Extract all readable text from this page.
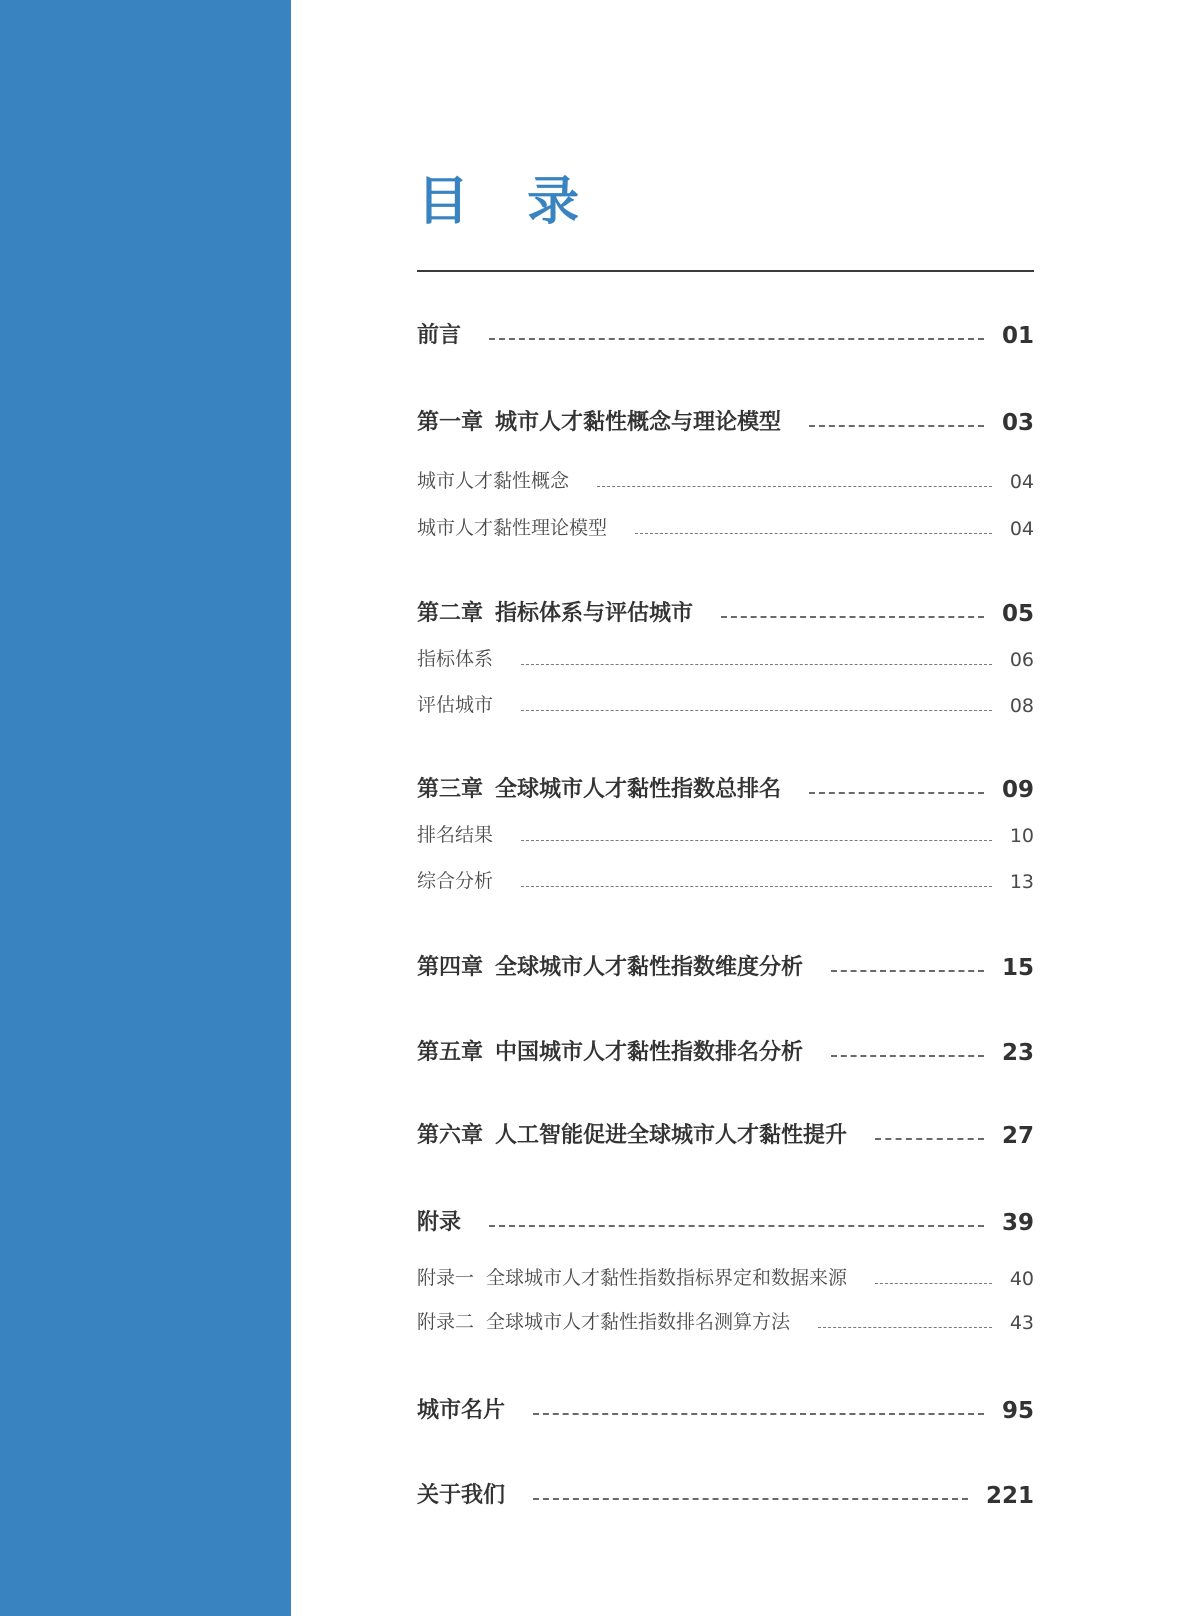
目 录
前言	01
第一章 城市人才黏性概念与理论模型	03
城市人才黏性概念	04
城市人才黏性理论模型	04
第二章 指标体系与评估城市	05
指标体系	06
评估城市	08
第三章 全球城市人才黏性指数总排名	09
排名结果	10
综合分析	13
第四章 全球城市人才黏性指数维度分析	15
第五章 中国城市人才黏性指数排名分析	23
第六章 人工智能促进全球城市人才黏性提升	27
附录	39
附录一 全球城市人才黏性指数指标界定和数据来源	40
附录二 全球城市人才黏性指数排名测算方法	43
城市名片	95
关于我们	221
